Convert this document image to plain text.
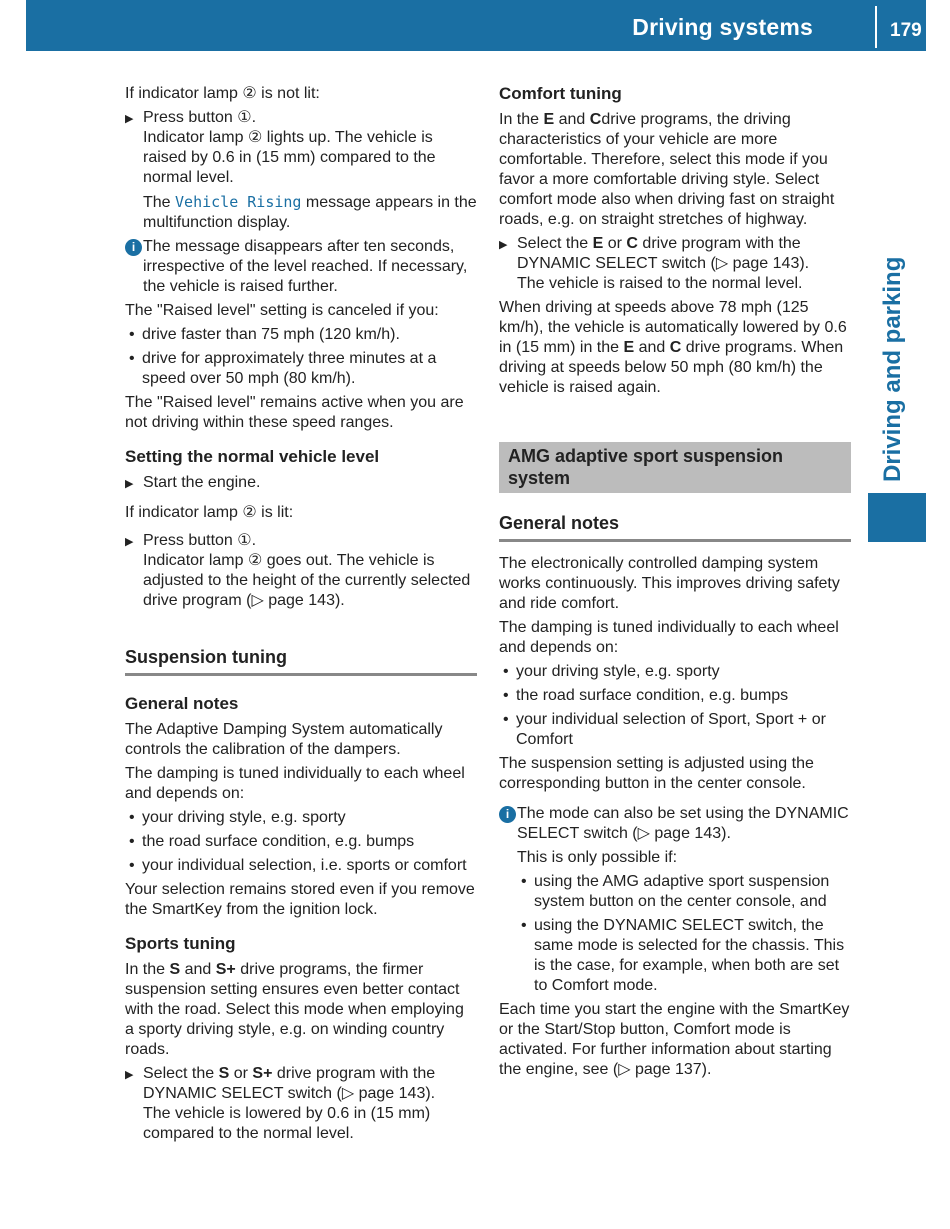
Driving systems	179
Driving and parking

If indicator lamp ② is not lit:

▶ Press button ①.
Indicator lamp ② lights up. The vehicle is raised by 0.6 in (15 mm) compared to the normal level.
The Vehicle Rising message appears in the multifunction display.
i The message disappears after ten seconds, irrespective of the level reached. If necessary, the vehicle is raised further.

The "Raised level" setting is canceled if you:

• drive faster than 75 mph (120 km/h).
• drive for approximately three minutes at a speed over 50 mph (80 km/h).

The "Raised level" remains active when you are not driving within these speed ranges.

Setting the normal vehicle level
▶ Start the engine.

If indicator lamp ② is lit:

▶ Press button ①.
Indicator lamp ② goes out. The vehicle is adjusted to the height of the currently selected drive program (▷ page 143).
Suspension tuning
General notes

The Adaptive Damping System automatically controls the calibration of the dampers.

The damping is tuned individually to each wheel and depends on:

• your driving style, e.g. sporty
• the road surface condition, e.g. bumps
• your individual selection, i.e. sports or comfort

Your selection remains stored even if you remove the SmartKey from the ignition lock.

Sports tuning

In the S and S+ drive programs, the firmer suspension setting ensures even better contact with the road. Select this mode when employing a sporty driving style, e.g. on winding country roads.

▶ Select the S or S+ drive program with the DYNAMIC SELECT switch (▷ page 143).
The vehicle is lowered by 0.6 in (15 mm) compared to the normal level.
Comfort tuning

In the E and Cdrive programs, the driving characteristics of your vehicle are more comfortable. Therefore, select this mode if you favor a more comfortable driving style. Select comfort mode also when driving fast on straight roads, e.g. on straight stretches of highway.

▶ Select the E or C drive program with the DYNAMIC SELECT switch (▷ page 143).
The vehicle is raised to the normal level.

When driving at speeds above 78 mph (125 km/h), the vehicle is automatically lowered by 0.6 in (15 mm) in the E and C drive programs. When driving at speeds below 50 mph (80 km/h) the vehicle is raised again.

AMG adaptive sport suspension system
General notes

The electronically controlled damping system works continuously. This improves driving safety and ride comfort.

The damping is tuned individually to each wheel and depends on:

• your driving style, e.g. sporty
• the road surface condition, e.g. bumps
• your individual selection of Sport, Sport + or Comfort

The suspension setting is adjusted using the corresponding button in the center console.

i The mode can also be set using the DYNAMIC SELECT switch (▷ page 143).

This is only possible if:

• using the AMG adaptive sport suspension system button on the center console, and
• using the DYNAMIC SELECT switch, the same mode is selected for the chassis. This is the case, for example, when both are set to Comfort mode.

Each time you start the engine with the SmartKey or the Start/Stop button, Comfort mode is activated. For further information about starting the engine, see (▷ page 137).
